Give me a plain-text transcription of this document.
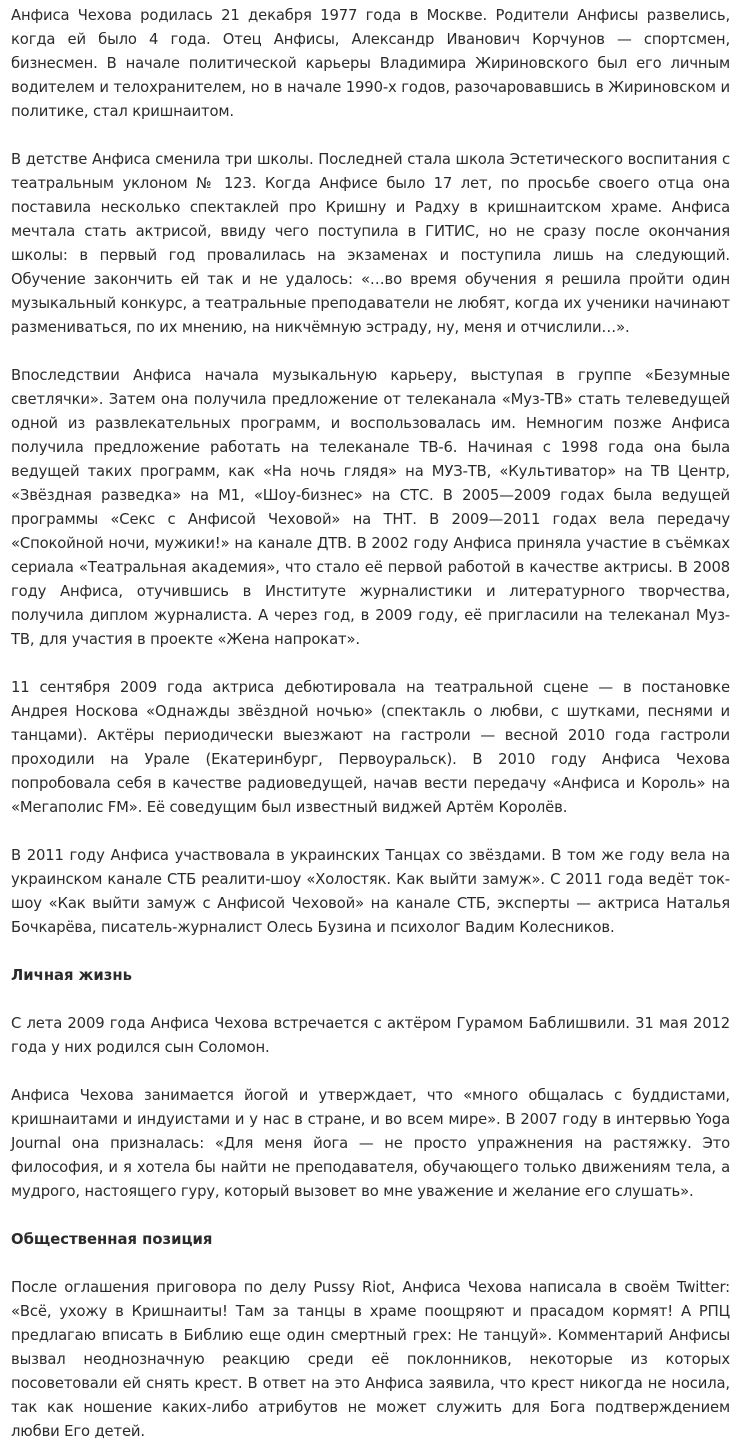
Анфиса Чехова родилась 21 декабря 1977 года в Москве. Родители Анфисы развелись, когда ей было 4 года. Отец Анфисы, Александр Иванович Корчунов — спортсмен, бизнесмен. В начале политической карьеры Владимира Жириновского был его личным водителем и телохранителем, но в начале 1990-х годов, разочаровавшись в Жириновском и политике, стал кришнаитом.

В детстве Анфиса сменила три школы. Последней стала школа Эстетического воспитания с театральным уклоном № 123. Когда Анфисе было 17 лет, по просьбе своего отца она поставила несколько спектаклей про Кришну и Радху в кришнаитском храме. Анфиса мечтала стать актрисой, ввиду чего поступила в ГИТИС, но не сразу после окончания школы: в первый год провалилась на экзаменах и поступила лишь на следующий. Обучение закончить ей так и не удалось: «…во время обучения я решила пройти один музыкальный конкурс, а театральные преподаватели не любят, когда их ученики начинают размениваться, по их мнению, на никчёмную эстраду, ну, меня и отчислили…».

Впоследствии Анфиса начала музыкальную карьеру, выступая в группе «Безумные светлячки». Затем она получила предложение от телеканала «Муз-ТВ» стать телеведущей одной из развлекательных программ, и воспользовалась им. Немногим позже Анфиса получила предложение работать на телеканале ТВ-6. Начиная с 1998 года она была ведущей таких программ, как «На ночь глядя» на МУЗ-ТВ, «Культиватор» на ТВ Центр, «Звёздная разведка» на М1, «Шоу-бизнес» на СТС. В 2005—2009 годах была ведущей программы «Секс с Анфисой Чеховой» на ТНТ. В 2009—2011 годах вела передачу «Спокойной ночи, мужики!» на канале ДТВ. В 2002 году Анфиса приняла участие в съёмках сериала «Театральная академия», что стало её первой работой в качестве актрисы. В 2008 году Анфиса, отучившись в Институте журналистики и литературного творчества, получила диплом журналиста. А через год, в 2009 году, её пригласили на телеканал Муз-ТВ, для участия в проекте «Жена напрокат».

11 сентября 2009 года актриса дебютировала на театральной сцене — в постановке Андрея Носкова «Однажды звёздной ночью» (спектакль о любви, с шутками, песнями и танцами). Актёры периодически выезжают на гастроли — весной 2010 года гастроли проходили на Урале (Екатеринбург, Первоуральск). В 2010 году Анфиса Чехова попробовала себя в качестве радиоведущей, начав вести передачу «Анфиса и Король» на «Мегаполис FM». Её соведущим был известный виджей Артём Королёв.

В 2011 году Анфиса участвовала в украинских Танцах со звёздами. В том же году вела на украинском канале СТБ реалити-шоу «Холостяк. Как выйти замуж». С 2011 года ведёт ток-шоу «Как выйти замуж с Анфисой Чеховой» на канале СТБ, эксперты — актриса Наталья Бочкарёва, писатель-журналист Олесь Бузина и психолог Вадим Колесников.

Личная жизнь

С лета 2009 года Анфиса Чехова встречается с актёром Гурамом Баблишвили. 31 мая 2012 года у них родился сын Соломон.

Анфиса Чехова занимается йогой и утверждает, что «много общалась с буддистами, кришнаитами и индуистами и у нас в стране, и во всем мире». В 2007 году в интервью Yoga Journal она призналась: «Для меня йога — не просто упражнения на растяжку. Это философия, и я хотела бы найти не преподавателя, обучающего только движениям тела, а мудрого, настоящего гуру, который вызовет во мне уважение и желание его слушать».

Общественная позиция

После оглашения приговора по делу Pussy Riot, Анфиса Чехова написала в своём Twitter: «Всё, ухожу в Кришнаиты! Там за танцы в храме поощряют и прасадом кормят! А РПЦ предлагаю вписать в Библию еще один смертный грех: Не танцуй». Комментарий Анфисы вызвал неоднозначную реакцию среди её поклонников, некоторые из которых посоветовали ей снять крест. В ответ на это Анфиса заявила, что крест никогда не носила, так как ношение каких-либо атрибутов не может служить для Бога подтверждением любви Его детей.
